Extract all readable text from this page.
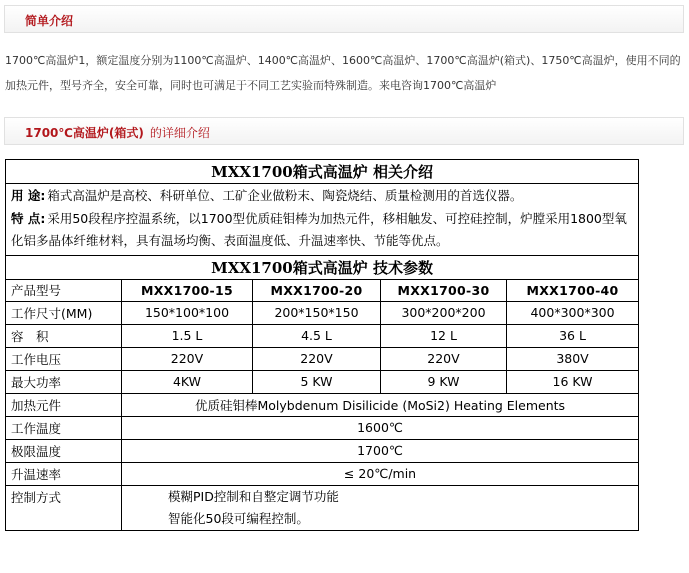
简单介绍
1700℃高温炉1，额定温度分别为1100℃高温炉、1400℃高温炉、1600℃高温炉、1700℃高温炉(箱式)、1750℃高温炉，使用不同的加热元件，型号齐全，安全可靠，同时也可满足于不同工艺实验而特殊制造。来电咨询1700℃高温炉
1700℃高温炉(箱式) 的详细介绍
MXX1700箱式高温炉 相关介绍				

用 途: 箱式高温炉是高校、科研单位、工矿企业做粉末、陶瓷烧结、质量检测用的首选仪器。

特 点: 采用50段程序控温系统，以1700型优质硅钼棒为加热元件，移相触发、可控硅控制，炉膛采用1800型氧化铝多晶体纤维材料，具有温场均衡、表面温度低、升温速率快、节能等优点。				

MXX1700箱式高温炉 技术参数				
产品型号	MXX1700-15	MXX1700-20	MXX1700-30	MXX1700-40
工作尺寸(MM)	150*100*100	200*150*150	300*200*200	400*300*300
容　积	1.5 L	4.5 L	12 L	36 L
工作电压	220V	220V	220V	380V
最大功率	4KW	5 KW	9 KW	16 KW
加热元件	优质硅钼棒Molybdenum Disilicide (MoSi2) Heating Elements			
工作温度	1600℃			
极限温度	1700℃			
升温速率	≤ 20℃/min			
控制方式	模糊PID控制和自整定调节功能
智能化50段可编程控制。			
